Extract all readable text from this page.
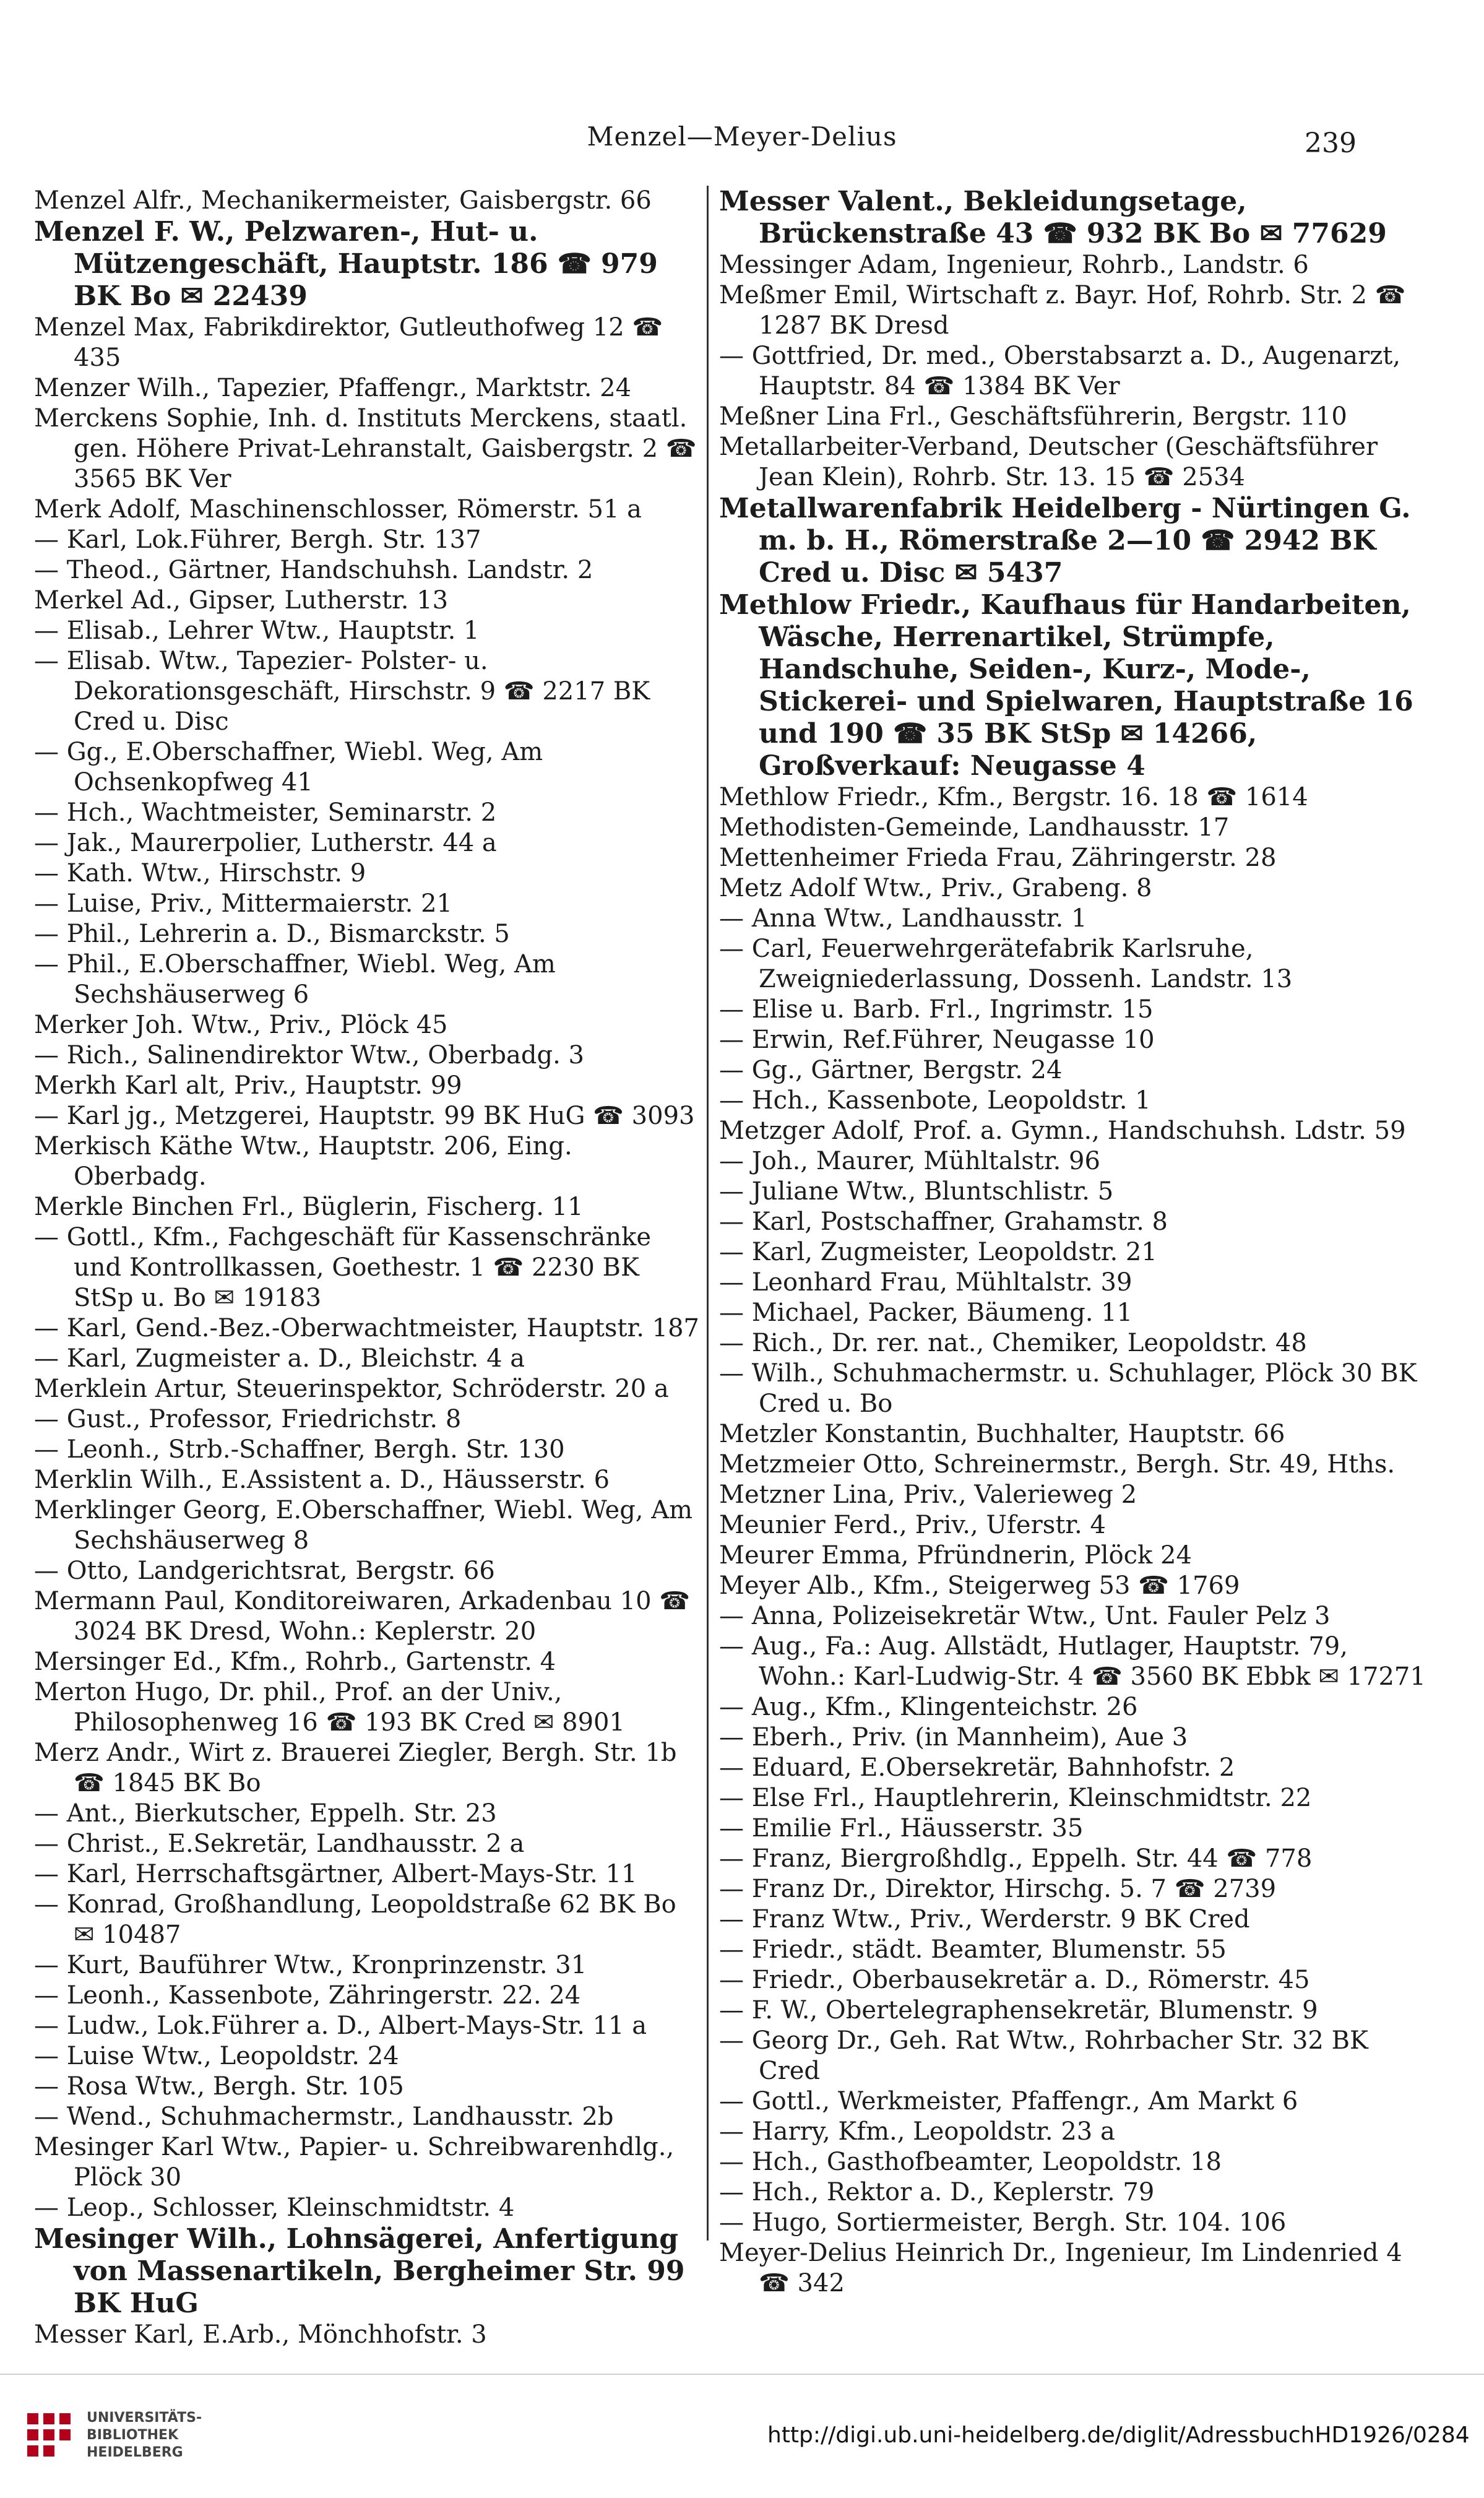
Menzel—Meyer-Delius	239

Menzel Alfr., Mechanikermeister, Gaisbergstr. 66

Menzel F. W., Pelzwaren-, Hut- u. Mützengeschäft, Hauptstr. 186 ☎ 979 BK Bo ✉ 22439

Menzel Max, Fabrikdirektor, Gutleuthofweg 12 ☎ 435

Menzer Wilh., Tapezier, Pfaffengr., Marktstr. 24

Merckens Sophie, Inh. d. Instituts Merckens, staatl. gen. Höhere Privat-Lehranstalt, Gaisbergstr. 2 ☎ 3565 BK Ver

Merk Adolf, Maschinenschlosser, Römerstr. 51 a

— Karl, Lok.Führer, Bergh. Str. 137

— Theod., Gärtner, Handschuhsh. Landstr. 2

Merkel Ad., Gipser, Lutherstr. 13

— Elisab., Lehrer Wtw., Hauptstr. 1

— Elisab. Wtw., Tapezier- Polster- u. Dekorationsgeschäft, Hirschstr. 9 ☎ 2217 BK Cred u. Disc

— Gg., E.Oberschaffner, Wiebl. Weg, Am Ochsenkopfweg 41

— Hch., Wachtmeister, Seminarstr. 2

— Jak., Maurerpolier, Lutherstr. 44 a

— Kath. Wtw., Hirschstr. 9

— Luise, Priv., Mittermaierstr. 21

— Phil., Lehrerin a. D., Bismarckstr. 5

— Phil., E.Oberschaffner, Wiebl. Weg, Am Sechshäuserweg 6

Merker Joh. Wtw., Priv., Plöck 45

— Rich., Salinendirektor Wtw., Oberbadg. 3

Merkh Karl alt, Priv., Hauptstr. 99

— Karl jg., Metzgerei, Hauptstr. 99 BK HuG ☎ 3093

Merkisch Käthe Wtw., Hauptstr. 206, Eing. Oberbadg.

Merkle Binchen Frl., Büglerin, Fischerg. 11

— Gottl., Kfm., Fachgeschäft für Kassenschränke und Kontrollkassen, Goethestr. 1 ☎ 2230 BK StSp u. Bo ✉ 19183

— Karl, Gend.-Bez.-Oberwachtmeister, Hauptstr. 187

— Karl, Zugmeister a. D., Bleichstr. 4 a

Merklein Artur, Steuerinspektor, Schröderstr. 20 a

— Gust., Professor, Friedrichstr. 8

— Leonh., Strb.-Schaffner, Bergh. Str. 130

Merklin Wilh., E.Assistent a. D., Häusserstr. 6

Merklinger Georg, E.Oberschaffner, Wiebl. Weg, Am Sechshäuserweg 8

— Otto, Landgerichtsrat, Bergstr. 66

Mermann Paul, Konditoreiwaren, Arkadenbau 10 ☎ 3024 BK Dresd, Wohn.: Keplerstr. 20

Mersinger Ed., Kfm., Rohrb., Gartenstr. 4

Merton Hugo, Dr. phil., Prof. an der Univ., Philosophenweg 16 ☎ 193 BK Cred ✉ 8901

Merz Andr., Wirt z. Brauerei Ziegler, Bergh. Str. 1b ☎ 1845 BK Bo

— Ant., Bierkutscher, Eppelh. Str. 23

— Christ., E.Sekretär, Landhausstr. 2 a

— Karl, Herrschaftsgärtner, Albert-Mays-Str. 11

— Konrad, Großhandlung, Leopoldstraße 62 BK Bo ✉ 10487

— Kurt, Bauführer Wtw., Kronprinzenstr. 31

— Leonh., Kassenbote, Zähringerstr. 22. 24

— Ludw., Lok.Führer a. D., Albert-Mays-Str. 11 a

— Luise Wtw., Leopoldstr. 24

— Rosa Wtw., Bergh. Str. 105

— Wend., Schuhmachermstr., Landhausstr. 2b

Mesinger Karl Wtw., Papier- u. Schreibwarenhdlg., Plöck 30

— Leop., Schlosser, Kleinschmidtstr. 4

Mesinger Wilh., Lohnsägerei, Anfertigung von Massenartikeln, Bergheimer Str. 99 BK HuG

Messer Karl, E.Arb., Mönchhofstr. 3

Messer Valent., Bekleidungsetage, Brückenstraße 43 ☎ 932 BK Bo ✉ 77629

Messinger Adam, Ingenieur, Rohrb., Landstr. 6

Meßmer Emil, Wirtschaft z. Bayr. Hof, Rohrb. Str. 2 ☎ 1287 BK Dresd

— Gottfried, Dr. med., Oberstabsarzt a. D., Augenarzt, Hauptstr. 84 ☎ 1384 BK Ver

Meßner Lina Frl., Geschäftsführerin, Bergstr. 110

Metallarbeiter-Verband, Deutscher (Geschäftsführer Jean Klein), Rohrb. Str. 13. 15 ☎ 2534

Metallwarenfabrik Heidelberg - Nürtingen G. m. b. H., Römerstraße 2—10 ☎ 2942 BK Cred u. Disc ✉ 5437

Methlow Friedr., Kaufhaus für Handarbeiten, Wäsche, Herrenartikel, Strümpfe, Handschuhe, Seiden-, Kurz-, Mode-, Stickerei- und Spielwaren, Hauptstraße 16 und 190 ☎ 35 BK StSp ✉ 14266, Großverkauf: Neugasse 4

Methlow Friedr., Kfm., Bergstr. 16. 18 ☎ 1614

Methodisten-Gemeinde, Landhausstr. 17

Mettenheimer Frieda Frau, Zähringerstr. 28

Metz Adolf Wtw., Priv., Grabeng. 8

— Anna Wtw., Landhausstr. 1

— Carl, Feuerwehrgerätefabrik Karlsruhe, Zweigniederlassung, Dossenh. Landstr. 13

— Elise u. Barb. Frl., Ingrimstr. 15

— Erwin, Ref.Führer, Neugasse 10

— Gg., Gärtner, Bergstr. 24

— Hch., Kassenbote, Leopoldstr. 1

Metzger Adolf, Prof. a. Gymn., Handschuhsh. Ldstr. 59

— Joh., Maurer, Mühltalstr. 96

— Juliane Wtw., Bluntschlistr. 5

— Karl, Postschaffner, Grahamstr. 8

— Karl, Zugmeister, Leopoldstr. 21

— Leonhard Frau, Mühltalstr. 39

— Michael, Packer, Bäumeng. 11

— Rich., Dr. rer. nat., Chemiker, Leopoldstr. 48

— Wilh., Schuhmachermstr. u. Schuhlager, Plöck 30 BK Cred u. Bo

Metzler Konstantin, Buchhalter, Hauptstr. 66

Metzmeier Otto, Schreinermstr., Bergh. Str. 49, Hths.

Metzner Lina, Priv., Valerieweg 2

Meunier Ferd., Priv., Uferstr. 4

Meurer Emma, Pfründnerin, Plöck 24

Meyer Alb., Kfm., Steigerweg 53 ☎ 1769

— Anna, Polizeisekretär Wtw., Unt. Fauler Pelz 3

— Aug., Fa.: Aug. Allstädt, Hutlager, Hauptstr. 79, Wohn.: Karl-Ludwig-Str. 4 ☎ 3560 BK Ebbk ✉ 17271

— Aug., Kfm., Klingenteichstr. 26

— Eberh., Priv. (in Mannheim), Aue 3

— Eduard, E.Obersekretär, Bahnhofstr. 2

— Else Frl., Hauptlehrerin, Kleinschmidtstr. 22

— Emilie Frl., Häusserstr. 35

— Franz, Biergroßhdlg., Eppelh. Str. 44 ☎ 778

— Franz Dr., Direktor, Hirschg. 5. 7 ☎ 2739

— Franz Wtw., Priv., Werderstr. 9 BK Cred

— Friedr., städt. Beamter, Blumenstr. 55

— Friedr., Oberbausekretär a. D., Römerstr. 45

— F. W., Obertelegraphensekretär, Blumenstr. 9

— Georg Dr., Geh. Rat Wtw., Rohrbacher Str. 32 BK Cred

— Gottl., Werkmeister, Pfaffengr., Am Markt 6

— Harry, Kfm., Leopoldstr. 23 a

— Hch., Gasthofbeamter, Leopoldstr. 18

— Hch., Rektor a. D., Keplerstr. 79

— Hugo, Sortiermeister, Bergh. Str. 104. 106

Meyer-Delius Heinrich Dr., Ingenieur, Im Lindenried 4 ☎ 342

UNIVERSITÄTS-
BIBLIOTHEK
HEIDELBERG
http://digi.ub.uni-heidelberg.de/diglit/AdressbuchHD1926/0284
